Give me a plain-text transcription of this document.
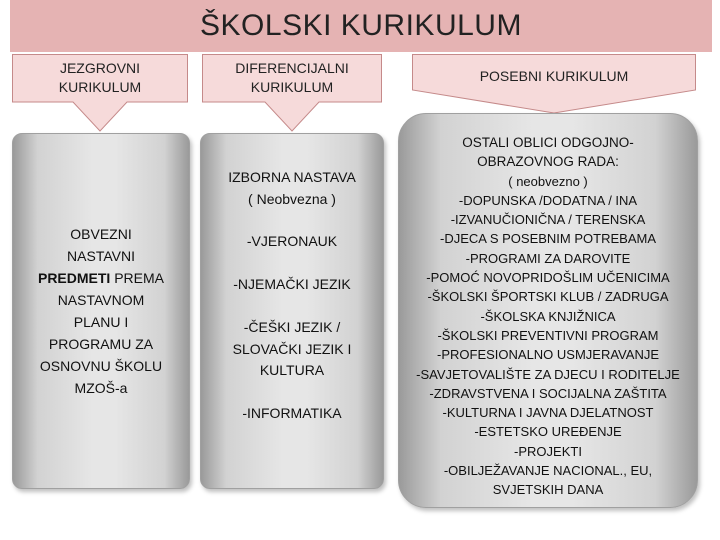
ŠKOLSKI KURIKULUM
JEZGROVNI
KURIKULUM
DIFERENCIJALNI
KURIKULUM
POSEBNI KURIKULUM
OBVEZNI
NASTAVNI
PREDMETI PREMA
NASTAVNOM
PLANU I
PROGRAMU ZA
OSNOVNU ŠKOLU
MZOŠ-a
IZBORNA NASTAVA
( Neobvezna )
-VJERONAUK
-NJEMAČKI JEZIK
-ČEŠKI JEZIK /
SLOVAČKI JEZIK I
KULTURA
-INFORMATIKA
OSTALI OBLICI ODGOJNO-
OBRAZOVNOG RADA:
( neobvezno )
-DOPUNSKA /DODATNA / INA
-IZVANUČIONIČNA / TERENSKA
-DJECA S POSEBNIM POTREBAMA
-PROGRAMI ZA DAROVITE
-POMOĆ NOVOPRIDOŠLIM UČENICIMA
-ŠKOLSKI ŠPORTSKI KLUB / ZADRUGA
-ŠKOLSKA KNJIŽNICA
-ŠKOLSKI PREVENTIVNI PROGRAM
-PROFESIONALNO USMJERAVANJE
-SAVJETOVALIŠTE ZA DJECU I RODITELJE
-ZDRAVSTVENA I SOCIJALNA ZAŠTITA
-KULTURNA I JAVNA DJELATNOST
-ESTETSKO UREĐENJE
-PROJEKTI
-OBILJEŽAVANJE NACIONAL., EU,
SVJETSKIH DANA
